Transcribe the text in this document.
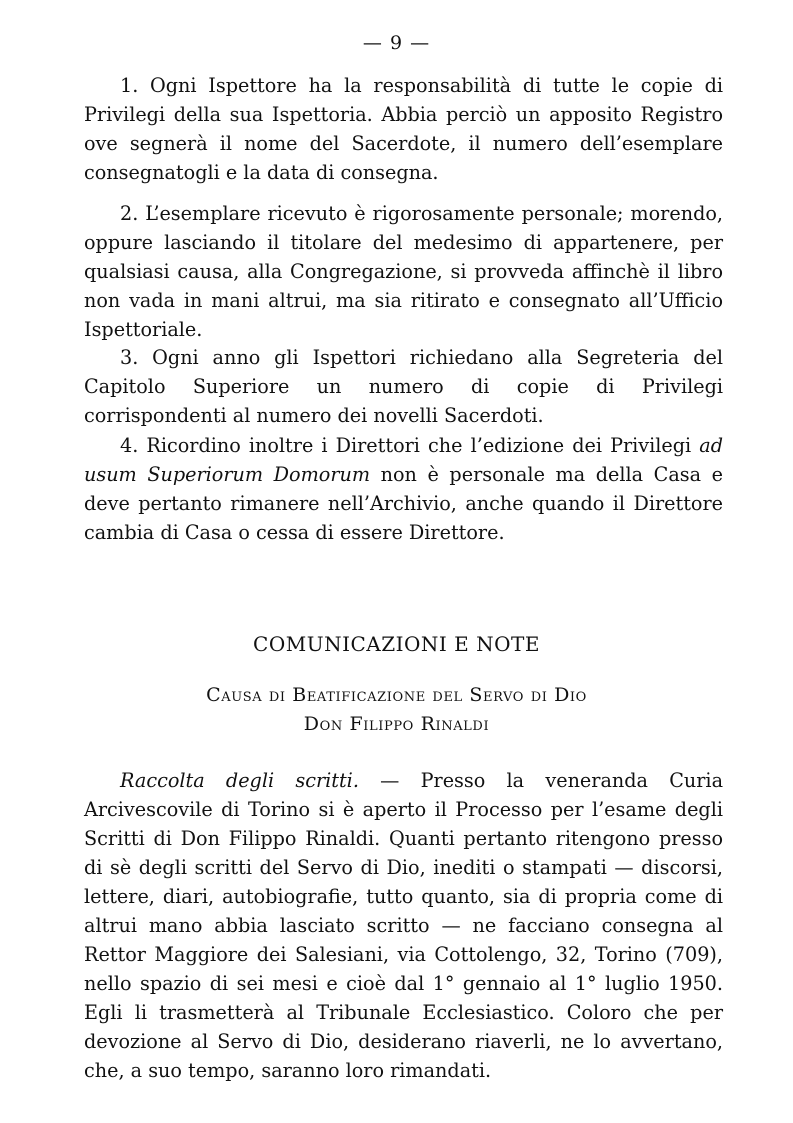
— 9 —

1. Ogni Ispettore ha la responsabilità di tutte le copie di Privilegi della sua Ispettoria. Abbia perciò un apposito Registro ove segnerà il nome del Sacerdote, il numero dell’esemplare consegnatogli e la data di consegna.

2. L’esemplare ricevuto è rigorosamente personale; morendo, oppure lasciando il titolare del medesimo di appartenere, per qualsiasi causa, alla Congregazione, si provveda affinchè il libro non vada in mani altrui, ma sia ritirato e consegnato all’Ufficio Ispettoriale.

3. Ogni anno gli Ispettori richiedano alla Segreteria del Capitolo Superiore un numero di copie di Privilegi corrispondenti al numero dei novelli Sacerdoti.

4. Ricordino inoltre i Direttori che l’edizione dei Privilegi ad usum Superiorum Domorum non è personale ma della Casa e deve pertanto rimanere nell’Archivio, anche quando il Direttore cambia di Casa o cessa di essere Direttore.

COMUNICAZIONI E NOTE
Causa di Beatificazione del Servo di Dio
Don Filippo Rinaldi

Raccolta degli scritti. — Presso la veneranda Curia Arcivescovile di Torino si è aperto il Processo per l’esame degli Scritti di Don Filippo Rinaldi. Quanti pertanto ritengono presso di sè degli scritti del Servo di Dio, inediti o stampati — discorsi, lettere, diari, autobiografie, tutto quanto, sia di propria come di altrui mano abbia lasciato scritto — ne facciano consegna al Rettor Maggiore dei Salesiani, via Cottolengo, 32, Torino (709), nello spazio di sei mesi e cioè dal 1° gennaio al 1° luglio 1950. Egli li trasmetterà al Tribunale Ecclesiastico. Coloro che per devozione al Servo di Dio, desiderano riaverli, ne lo avvertano, che, a suo tempo, saranno loro rimandati.
